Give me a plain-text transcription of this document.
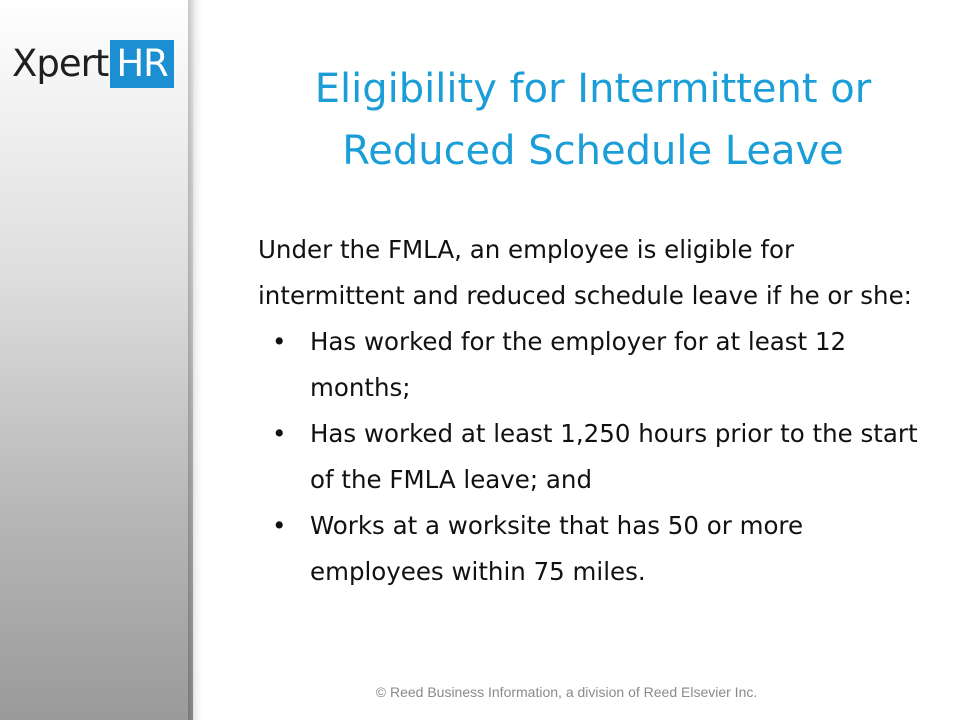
Xpert HR
Eligibility for Intermittent or
Reduced Schedule Leave

Under the FMLA, an employee is eligible for intermittent and reduced schedule leave if he or she:

• Has worked for the employer for at least 12 months;
• Has worked at least 1,250 hours prior to the start of the FMLA leave; and
• Works at a worksite that has 50 or more employees within 75 miles.
© Reed Business Information, a division of Reed Elsevier Inc.
